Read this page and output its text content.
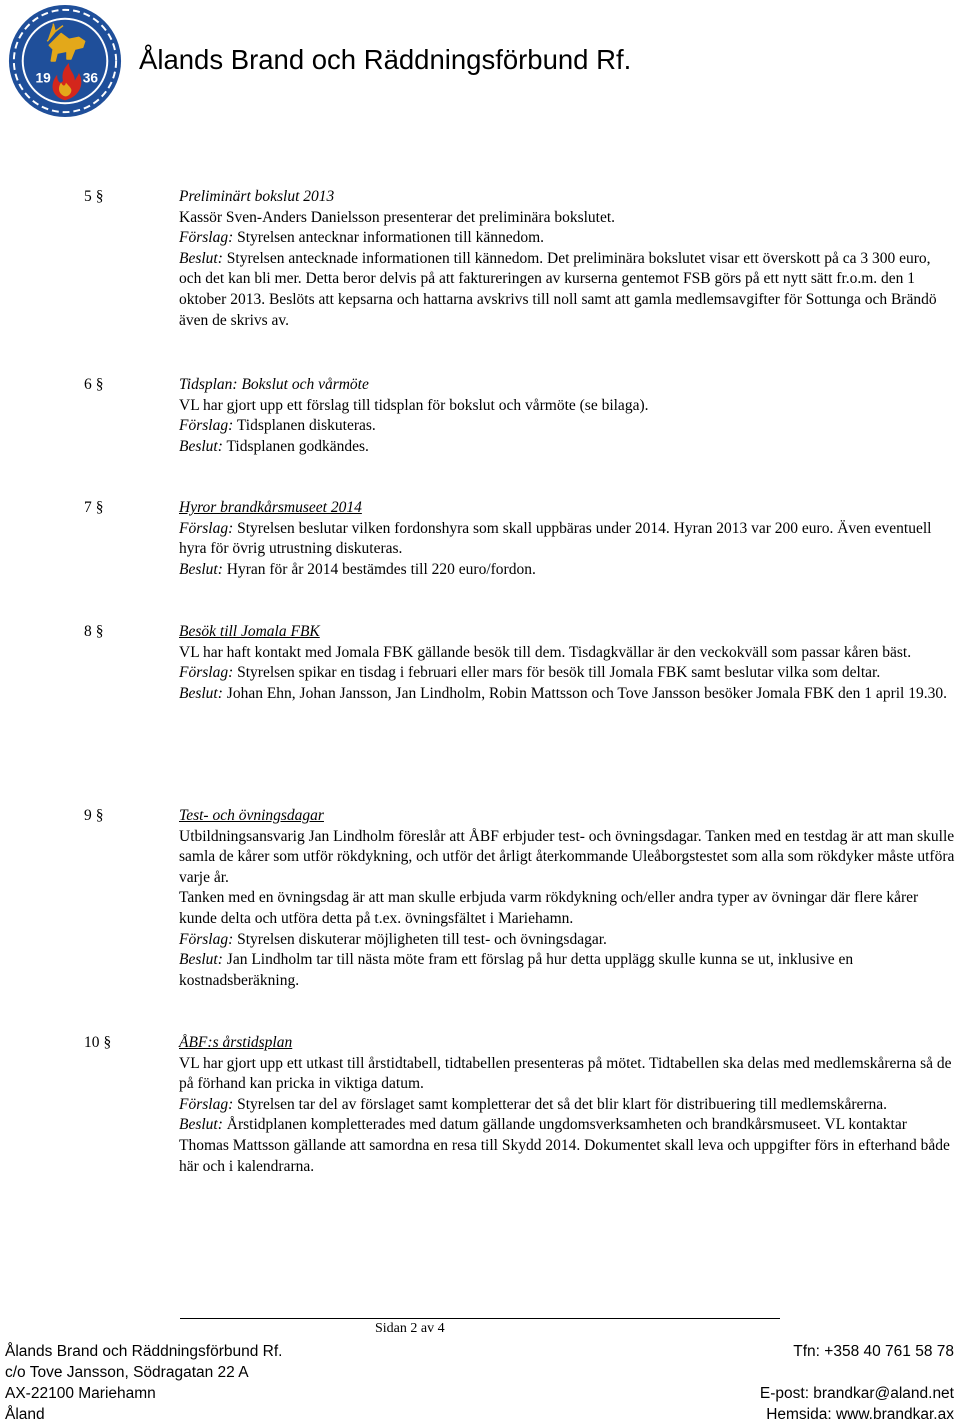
19 36
Ålands Brand och Räddningsförbund Rf.
5 §	Preliminärt bokslut 2013
Kassör Sven-Anders Danielsson presenterar det preliminära bokslutet.
Förslag: Styrelsen antecknar informationen till kännedom.
Beslut: Styrelsen antecknade informationen till kännedom. Det preliminära bokslutet visar ett överskott på ca 3 300 euro, och det kan bli mer. Detta beror delvis på att faktureringen av kurserna gentemot FSB görs på ett nytt sätt fr.o.m. den 1 oktober 2013. Beslöts att kepsarna och hattarna avskrivs till noll samt att gamla medlemsavgifter för Sottunga och Brändö även de skrivs av.
6 §	Tidsplan: Bokslut och vårmöte
VL har gjort upp ett förslag till tidsplan för bokslut och vårmöte (se bilaga).
Förslag: Tidsplanen diskuteras.
Beslut: Tidsplanen godkändes.
7 §	Hyror brandkårsmuseet 2014
Förslag: Styrelsen beslutar vilken fordonshyra som skall uppbäras under 2014. Hyran 2013 var 200 euro. Även eventuell hyra för övrig utrustning diskuteras.
Beslut: Hyran för år 2014 bestämdes till 220 euro/fordon.
8 §	Besök till Jomala FBK
VL har haft kontakt med Jomala FBK gällande besök till dem. Tisdagkvällar är den veckokväll som passar kåren bäst.
Förslag: Styrelsen spikar en tisdag i februari eller mars för besök till Jomala FBK samt beslutar vilka som deltar.
Beslut: Johan Ehn, Johan Jansson, Jan Lindholm, Robin Mattsson och Tove Jansson besöker Jomala FBK den 1 april 19.30.
9 §	Test- och övningsdagar
Utbildningsansvarig Jan Lindholm föreslår att ÅBF erbjuder test- och övningsdagar. Tanken med en testdag är att man skulle samla de kårer som utför rökdykning, och utför det årligt återkommande Uleåborgstestet som alla som rökdyker måste utföra varje år.
Tanken med en övningsdag är att man skulle erbjuda varm rökdykning och/eller andra typer av övningar där flere kårer kunde delta och utföra detta på t.ex. övningsfältet i Mariehamn.
Förslag: Styrelsen diskuterar möjligheten till test- och övningsdagar.
Beslut: Jan Lindholm tar till nästa möte fram ett förslag på hur detta upplägg skulle kunna se ut, inklusive en kostnadsberäkning.
10 §	ÅBF:s årstidsplan
VL har gjort upp ett utkast till årstidtabell, tidtabellen presenteras på mötet. Tidtabellen ska delas med medlemskårerna så de på förhand kan pricka in viktiga datum.
Förslag: Styrelsen tar del av förslaget samt kompletterar det så det blir klart för distribuering till medlemskårerna.
Beslut: Årstidplanen kompletterades med datum gällande ungdomsverksamheten och brandkårsmuseet. VL kontaktar Thomas Mattsson gällande att samordna en resa till Skydd 2014. Dokumentet skall leva och uppgifter förs in efterhand både här och i kalendrarna.
Sidan 2 av 4
Ålands Brand och Räddningsförbund Rf.
c/o Tove Jansson, Södragatan 22 A
AX-22100 Mariehamn
Åland
Tfn: +358 40 761 58 78
E-post: brandkar@aland.net
Hemsida: www.brandkar.ax
